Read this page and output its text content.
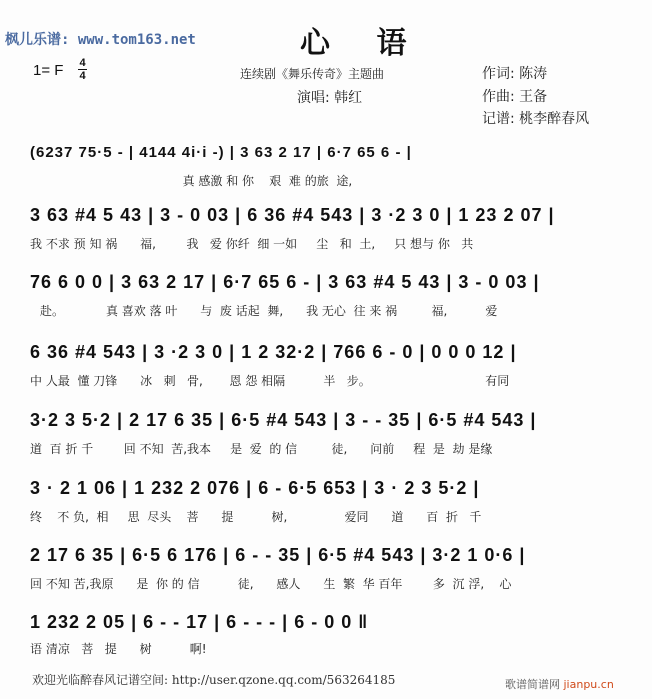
枫儿乐谱: www.tom163.net	心 语
1= F 4
4	连续剧《舞乐传奇》主题曲
演唱: 韩红
作词: 陈涛
作曲: 王备
记谱: 桃李醉春风
(6237 75·5 - | 4144 4i·i -) | 3 63 2 17 | 6·7 65 6 - |
真 感激 和 你    艰  难 的旅  途,
3 63 #4 5 43 | 3 - 0 03 | 6 36 #4 543 | 3 ·2 3 0 | 1 23 2 07 |
我 不求 预 知 祸      福,        我   爱 你纤  细 一如     尘   和  土,     只 想与 你   共
76 6 0 0 | 3 63 2 17 | 6·7 65 6 - | 3 63 #4 5 43 | 3 - 0 03 |
赴。           真 喜欢 落 叶      与  废 话起  舞,      我 无心  往 来 祸         福,          爱
6 36 #4 543 | 3 ·2 3 0 | 1 2 32·2 | 766 6 - 0 | 0 0 0 12 |
中 人最  懂 刀锋      冰   刺   骨,       恩 怨 相隔          半   步。                              有同
3·2 3 5·2 | 2 17 6 35 | 6·5 #4 543 | 3 - - 35 | 6·5 #4 543 |
道  百 折 千        回 不知  苦,我本     是  爱  的 信         徒,      问前     程  是  劫 是缘
3 · 2 1 06 | 1 232 2 076 | 6 - 6·5 653 | 3 · 2 3 5·2 |
终    不 负,  相     思  尽头    菩      提          树,               爱同      道      百  折   千
2 17 6 35 | 6·5 6 176 | 6 - - 35 | 6·5 #4 543 | 3·2 1 0·6 |
回 不知 苦,我原      是  你 的 信          徒,      感人      生  繁  华 百年        多  沉 浮,    心
1 232 2 05 | 6 - - 17 | 6 - - - | 6 - 0 0 ‖
语 清凉   菩   提      树          啊!
欢迎光临醉春风记谱空间: http://user.qzone.qq.com/563264185	歌谱简谱网 jianpu.cn
